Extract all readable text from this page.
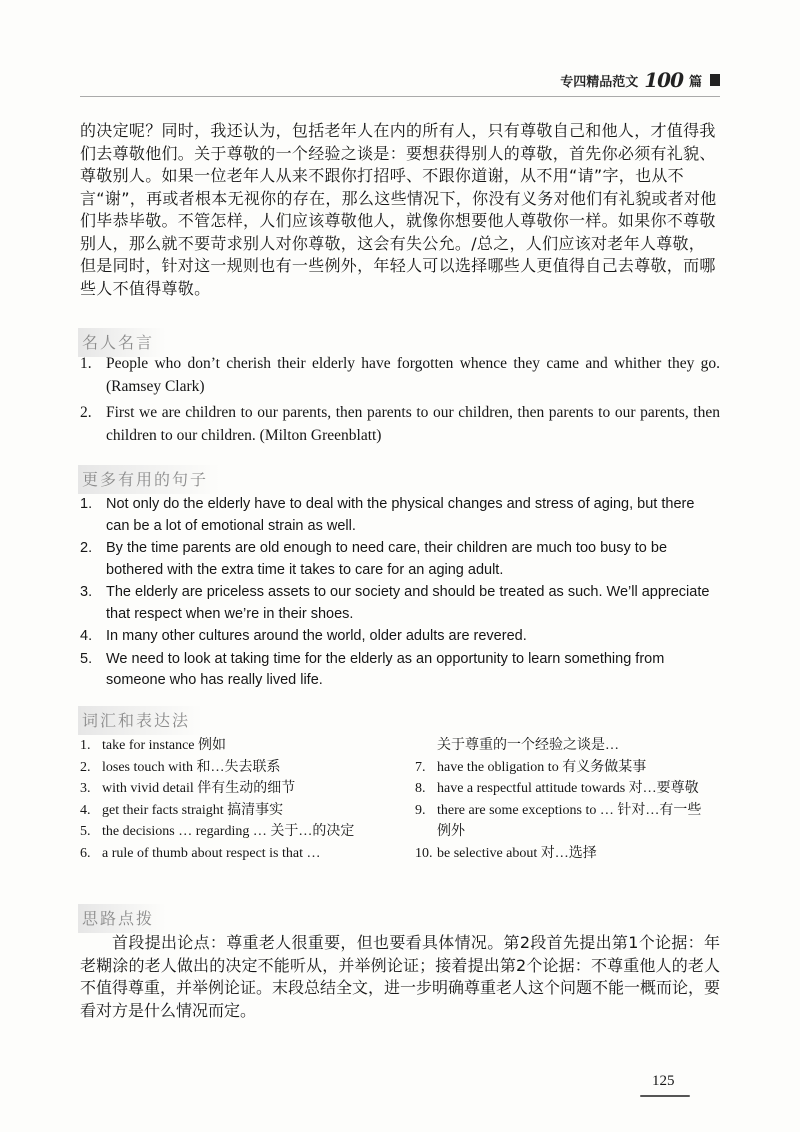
专四精品范文 100 篇
的决定呢？同时，我还认为，包括老年人在内的所有人，只有尊敬自己和他人，才值得我们去尊敬他们。关于尊敬的一个经验之谈是：要想获得别人的尊敬，首先你必须有礼貌、尊敬别人。如果一位老年人从来不跟你打招呼、不跟你道谢，从不用“请”字，也从不言“谢”，再或者根本无视你的存在，那么这些情况下，你没有义务对他们有礼貌或者对他们毕恭毕敬。不管怎样，人们应该尊敬他人，就像你想要他人尊敬你一样。如果你不尊敬别人，那么就不要苛求别人对你尊敬，这会有失公允。/总之，人们应该对老年人尊敬，但是同时，针对这一规则也有一些例外，年轻人可以选择哪些人更值得自己去尊敬，而哪些人不值得尊敬。
名人名言
1. People who don’t cherish their elderly have forgotten whence they came and whither they go. (Ramsey Clark)
2. First we are children to our parents, then parents to our children, then parents to our parents, then children to our children. (Milton Greenblatt)
更多有用的句子
1. Not only do the elderly have to deal with the physical changes and stress of aging, but there can be a lot of emotional strain as well.
2. By the time parents are old enough to need care, their children are much too busy to be bothered with the extra time it takes to care for an aging adult.
3. The elderly are priceless assets to our society and should be treated as such. We’ll appreciate that respect when we’re in their shoes.
4. In many other cultures around the world, older adults are revered.
5. We need to look at taking time for the elderly as an opportunity to learn something from someone who has really lived life.
词汇和表达法
1. take for instance 例如
2. loses touch with 和…失去联系
3. with vivid detail 伴有生动的细节
4. get their facts straight 搞清事实
5. the decisions … regarding … 关于…的决定
6. a rule of thumb about respect is that …
关于尊重的一个经验之谈是…
7. have the obligation to 有义务做某事
8. have a respectful attitude towards 对…要尊敬
9. there are some exceptions to … 针对…有一些例外
10. be selective about 对…选择
思路点拨
首段提出论点：尊重老人很重要，但也要看具体情况。第2段首先提出第1个论据：年老糊涂的老人做出的决定不能听从，并举例论证；接着提出第2个论据：不尊重他人的老人不值得尊重，并举例论证。末段总结全文，进一步明确尊重老人这个问题不能一概而论，要看对方是什么情况而定。
125
